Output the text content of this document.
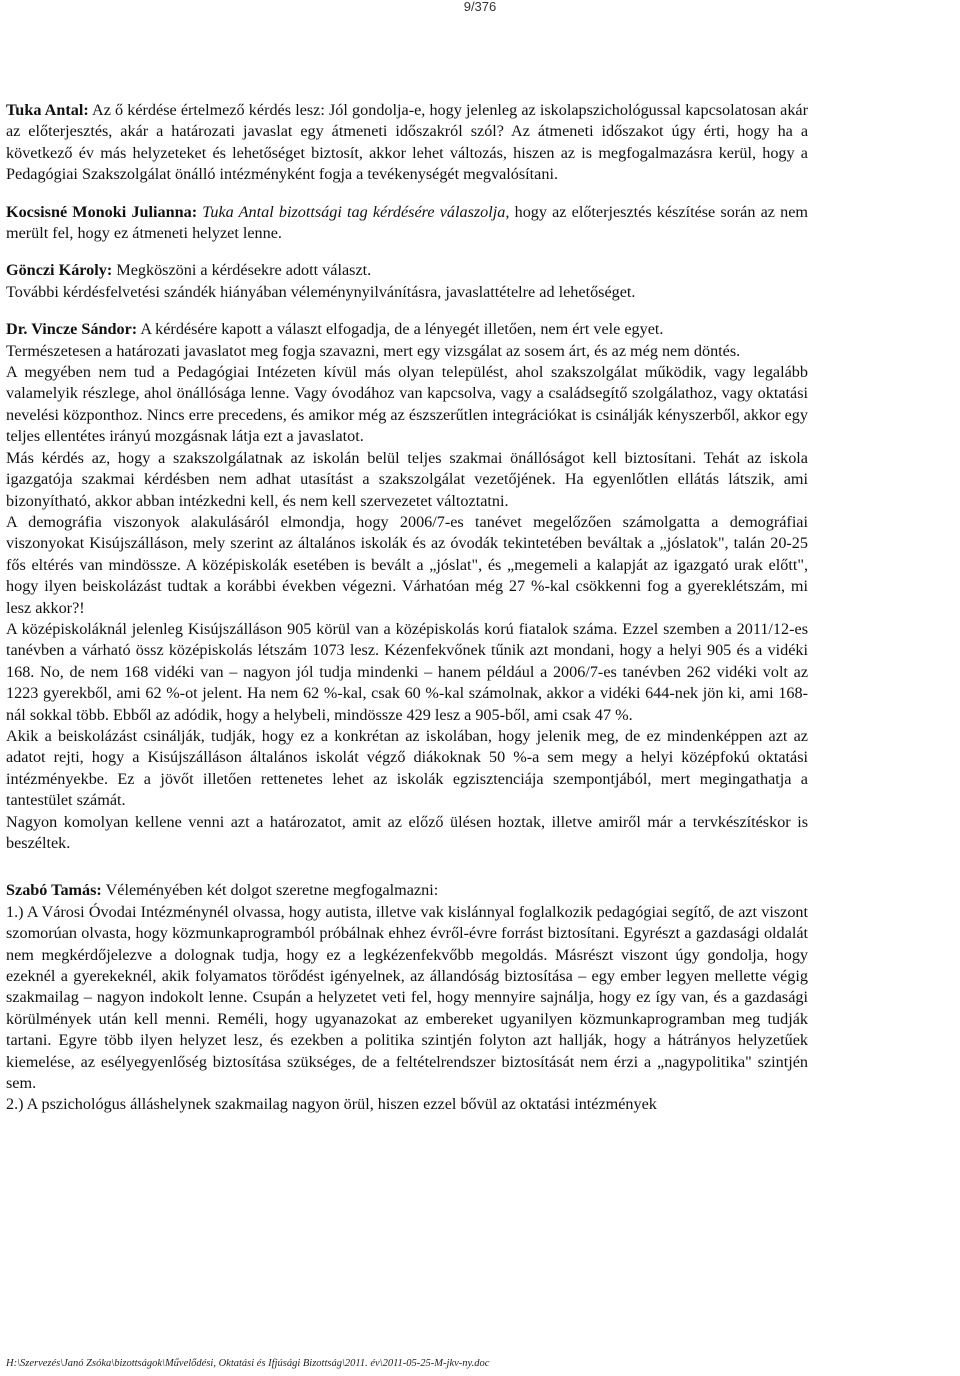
9/376

Tuka Antal: Az ő kérdése értelmező kérdés lesz: Jól gondolja-e, hogy jelenleg az iskolapszichológussal kapcsolatosan akár az előterjesztés, akár a határozati javaslat egy átmeneti időszakról szól? Az átmeneti időszakot úgy érti, hogy ha a következő év más helyzeteket és lehetőséget biztosít, akkor lehet változás, hiszen az is megfogalmazásra kerül, hogy a Pedagógiai Szakszolgálat önálló intézményként fogja a tevékenységét megvalósítani.

Kocsisné Monoki Julianna: Tuka Antal bizottsági tag kérdésére válaszolja, hogy az előterjesztés készítése során az nem merült fel, hogy ez átmeneti helyzet lenne.

Gönczi Károly: Megköszöni a kérdésekre adott választ.

További kérdésfelvetési szándék hiányában véleménynyilvánításra, javaslattételre ad lehetőséget.

Dr. Vincze Sándor: A kérdésére kapott a választ elfogadja, de a lényegét illetően, nem ért vele egyet.

Természetesen a határozati javaslatot meg fogja szavazni, mert egy vizsgálat az sosem árt, és az még nem döntés.

A megyében nem tud a Pedagógiai Intézeten kívül más olyan települést, ahol szakszolgálat működik, vagy legalább valamelyik részlege, ahol önállósága lenne. Vagy óvodához van kapcsolva, vagy a családsegítő szolgálathoz, vagy oktatási nevelési központhoz. Nincs erre precedens, és amikor még az észszerűtlen integrációkat is csinálják kényszerből, akkor egy teljes ellentétes irányú mozgásnak látja ezt a javaslatot.

Más kérdés az, hogy a szakszolgálatnak az iskolán belül teljes szakmai önállóságot kell biztosítani. Tehát az iskola igazgatója szakmai kérdésben nem adhat utasítást a szakszolgálat vezetőjének. Ha egyenlőtlen ellátás látszik, ami bizonyítható, akkor abban intézkedni kell, és nem kell szervezetet változtatni.

A demográfia viszonyok alakulásáról elmondja, hogy 2006/7-es tanévet megelőzően számolgatta a demográfiai viszonyokat Kisújszálláson, mely szerint az általános iskolák és az óvodák tekintetében beváltak a „jóslatok", talán 20-25 fős eltérés van mindössze. A középiskolák esetében is bevált a „jóslat", és „megemeli a kalapját az igazgató urak előtt", hogy ilyen beiskolázást tudtak a korábbi években végezni. Várhatóan még 27 %-kal csökkenni fog a gyereklétszám, mi lesz akkor?!

A középiskoláknál jelenleg Kisújszálláson 905 körül van a középiskolás korú fiatalok száma. Ezzel szemben a 2011/12-es tanévben a várható össz középiskolás létszám 1073 lesz. Kézenfekvőnek tűnik azt mondani, hogy a helyi 905 és a vidéki 168. No, de nem 168 vidéki van – nagyon jól tudja mindenki – hanem például a 2006/7-es tanévben 262 vidéki volt az 1223 gyerekből, ami 62 %-ot jelent. Ha nem 62 %-kal, csak 60 %-kal számolnak, akkor a vidéki 644-nek jön ki, ami 168-nál sokkal több. Ebből az adódik, hogy a helybeli, mindössze 429 lesz a 905-ből, ami csak 47 %.

Akik a beiskolázást csinálják, tudják, hogy ez a konkrétan az iskolában, hogy jelenik meg, de ez mindenképpen azt az adatot rejti, hogy a Kisújszálláson általános iskolát végző diákoknak 50 %-a sem megy a helyi középfokú oktatási intézményekbe. Ez a jövőt illetően rettenetes lehet az iskolák egzisztenciája szempontjából, mert megingathatja a tantestület számát.

Nagyon komolyan kellene venni azt a határozatot, amit az előző ülésen hoztak, illetve amiről már a tervkészítéskor is beszéltek.

Szabó Tamás: Véleményében két dolgot szeretne megfogalmazni:

1.) A Városi Óvodai Intézménynél olvassa, hogy autista, illetve vak kislánnyal foglalkozik pedagógiai segítő, de azt viszont szomorúan olvasta, hogy közmunkaprogramból próbálnak ehhez évről-évre forrást biztosítani. Egyrészt a gazdasági oldalát nem megkérdőjelezve a dolognak tudja, hogy ez a legkézenfekvőbb megoldás. Másrészt viszont úgy gondolja, hogy ezeknél a gyerekeknél, akik folyamatos törődést igényelnek, az állandóság biztosítása – egy ember legyen mellette végig szakmailag – nagyon indokolt lenne. Csupán a helyzetet veti fel, hogy mennyire sajnálja, hogy ez így van, és a gazdasági körülmények után kell menni. Reméli, hogy ugyanazokat az embereket ugyanilyen közmunkaprogramban meg tudják tartani. Egyre több ilyen helyzet lesz, és ezekben a politika szintjén folyton azt hallják, hogy a hátrányos helyzetűek kiemelése, az esélyegyenlőség biztosítása szükséges, de a feltételrendszer biztosítását nem érzi a „nagypolitika" szintjén sem.

2.) A pszichológus álláshelynek szakmailag nagyon örül, hiszen ezzel bővül az oktatási intézmények

H:\Szervezés\Janó Zsóka\bizottságok\Művelődési, Oktatási és Ifjúsági Bizottság\2011. év\2011-05-25-M-jkv-ny.doc
